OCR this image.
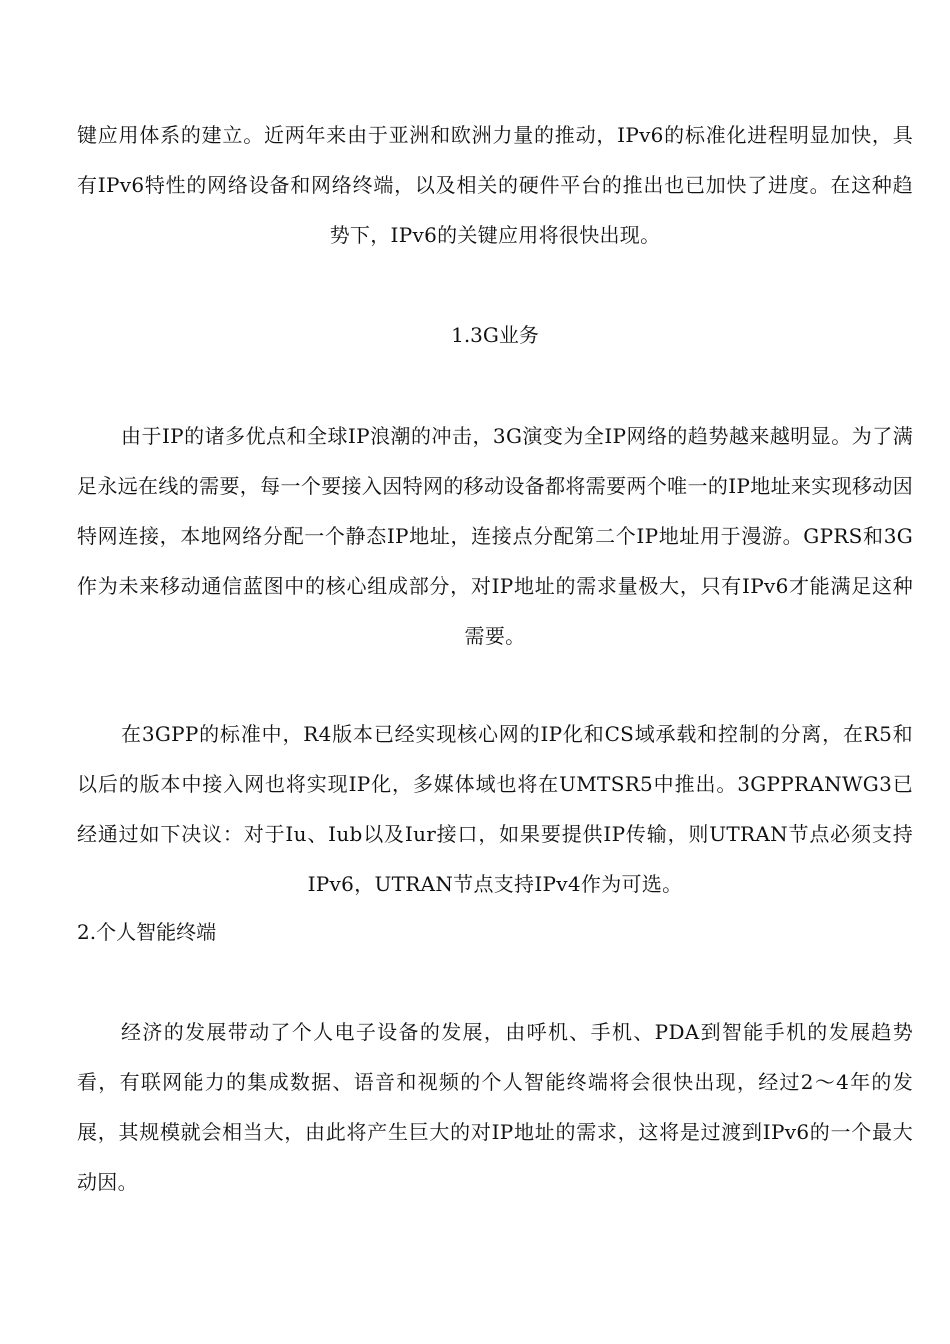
键应用体系的建立。近两年来由于亚洲和欧洲力量的推动，IPv6的标准化进程明显加快，具有IPv6特性的网络设备和网络终端，以及相关的硬件平台的推出也已加快了进度。在这种趋势下，IPv6的关键应用将很快出现。

1.3G业务

由于IP的诸多优点和全球IP浪潮的冲击，3G演变为全IP网络的趋势越来越明显。为了满足永远在线的需要，每一个要接入因特网的移动设备都将需要两个唯一的IP地址来实现移动因特网连接，本地网络分配一个静态IP地址，连接点分配第二个IP地址用于漫游。GPRS和3G作为未来移动通信蓝图中的核心组成部分，对IP地址的需求量极大，只有IPv6才能满足这种需要。

在3GPP的标准中，R4版本已经实现核心网的IP化和CS域承载和控制的分离，在R5和以后的版本中接入网也将实现IP化，多媒体域也将在UMTSR5中推出。3GPPRANWG3已经通过如下决议：对于Iu、Iub以及Iur接口，如果要提供IP传输，则UTRAN节点必须支持IPv6，UTRAN节点支持IPv4作为可选。

2.个人智能终端

经济的发展带动了个人电子设备的发展，由呼机、手机、PDA到智能手机的发展趋势看，有联网能力的集成数据、语音和视频的个人智能终端将会很快出现，经过2～4年的发展，其规模就会相当大，由此将产生巨大的对IP地址的需求，这将是过渡到IPv6的一个最大动因。
